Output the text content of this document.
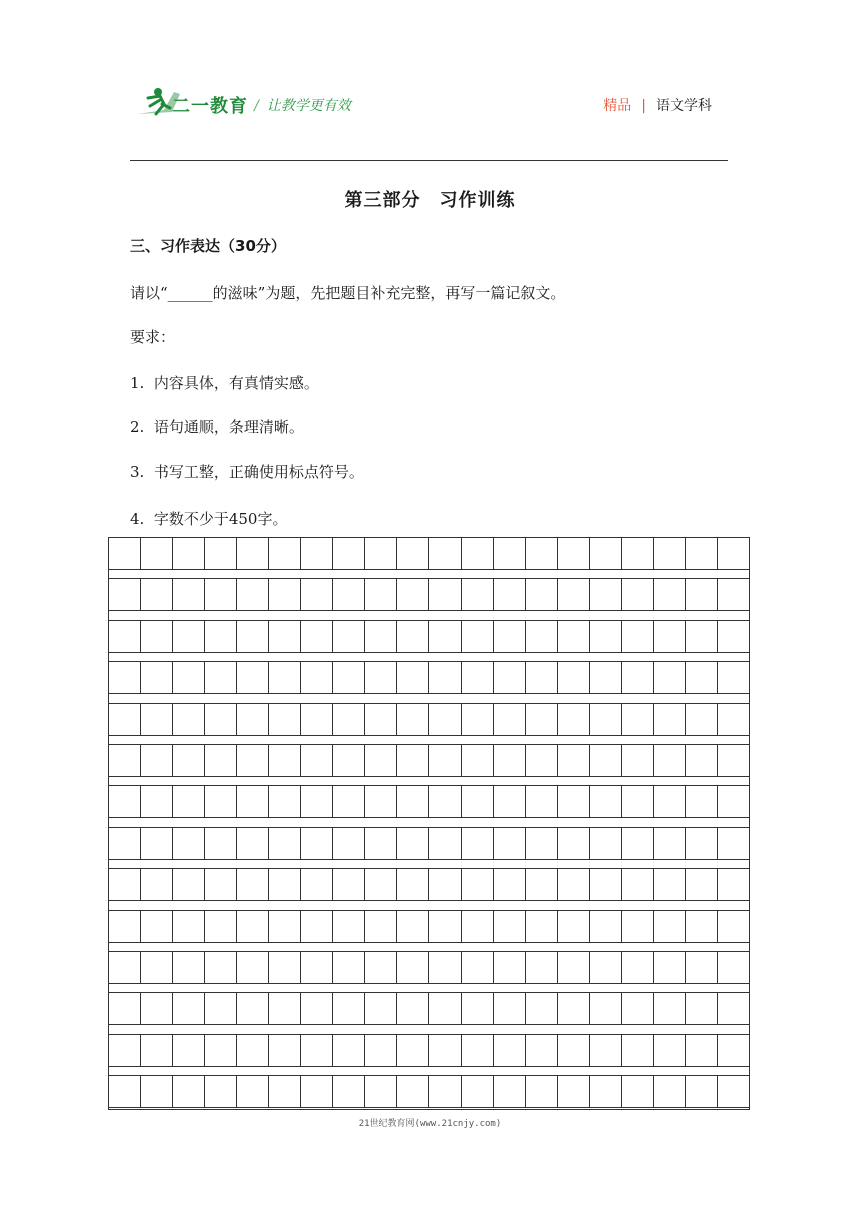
二一教育 / 让教学更有效	精品 | 语文学科
第三部分　习作训练
三、习作表达（30分）
请以“______的滋味”为题，先把题目补充完整，再写一篇记叙文。
要求：
1.  内容具体，有真情实感。
2.  语句通顺，条理清晰。
3.  书写工整，正确使用标点符号。
4.  字数不少于450字。
21世纪教育网(www.21cnjy.com)
